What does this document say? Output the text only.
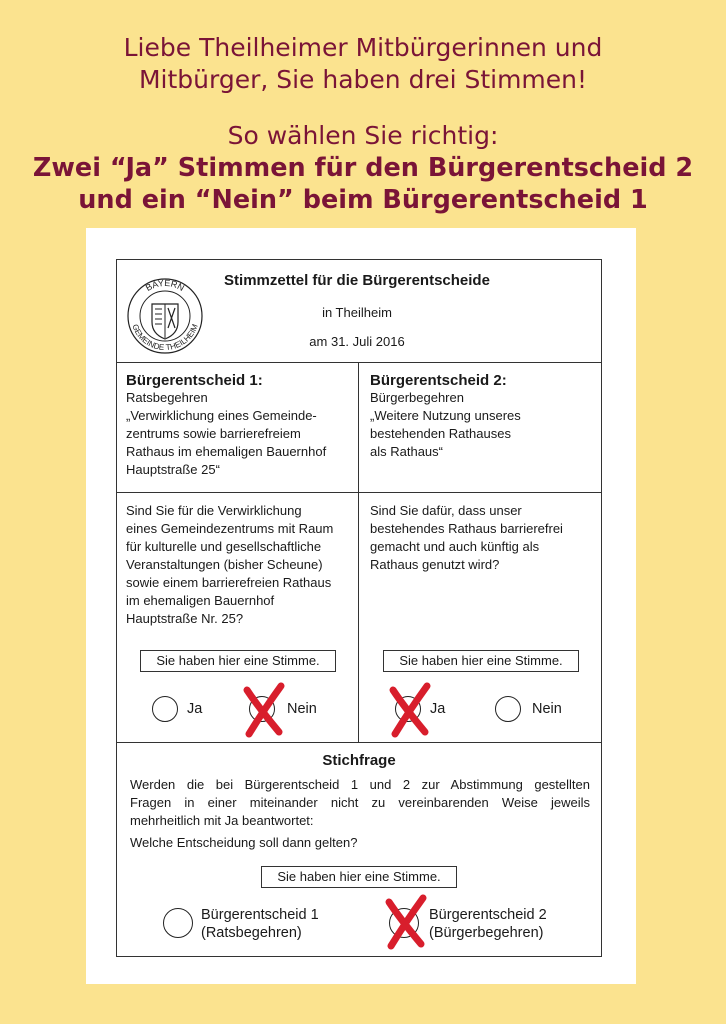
Liebe Theilheimer Mitbürgerinnen und
Mitbürger, Sie haben drei Stimmen!
So wählen Sie richtig:
Zwei “Ja” Stimmen für den Bürgerentscheid 2
und ein “Nein” beim Bürgerentscheid 1
BAYERN
GEMEINDE THEILHEIM
Stimmzettel für die Bürgerentscheide
in Theilheim
am 31. Juli 2016
Bürgerentscheid 1:
Ratsbegehren
„Verwirklichung eines Gemeinde-
zentrums sowie barrierefreiem
Rathaus im ehemaligen Bauernhof
Hauptstraße 25“
Bürgerentscheid 2:
Bürgerbegehren
„Weitere Nutzung unseres
bestehenden Rathauses
als Rathaus“
Sind Sie für die Verwirklichung
eines Gemeindezentrums mit Raum
für kulturelle und gesellschaftliche
Veranstaltungen (bisher Scheune)
sowie einem barrierefreien Rathaus
im ehemaligen Bauernhof
Hauptstraße Nr. 25?
Sind Sie dafür, dass unser
bestehendes Rathaus barrierefrei
gemacht und auch künftig als
Rathaus genutzt wird?
Sie haben hier eine Stimme.	Sie haben hier eine Stimme.
Ja	Nein	Ja	Nein
Stichfrage
Werden die bei Bürgerentscheid 1 und 2 zur Abstimmung gestellten
Fragen in einer miteinander nicht zu vereinbarenden Weise jeweils
mehrheitlich mit Ja beantwortet:
Welche Entscheidung soll dann gelten?
Sie haben hier eine Stimme.
Bürgerentscheid 1
(Ratsbegehren)
Bürgerentscheid 2
(Bürgerbegehren)
